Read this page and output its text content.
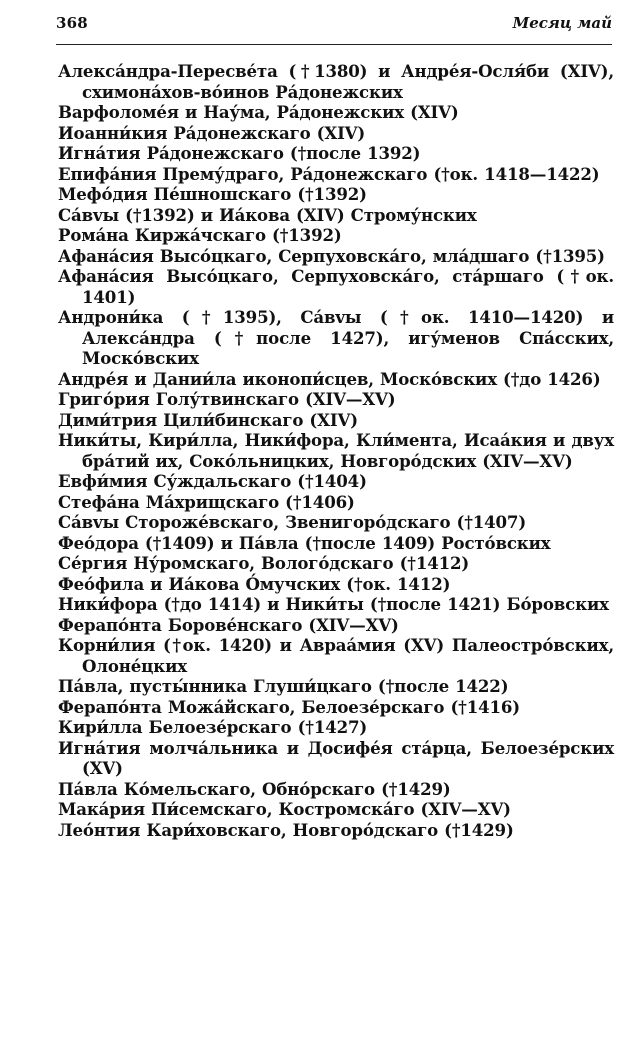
368	Месяц май
Алекса́ндра-Пересве́та (†1380) и Андре́я-Осля́би (XIV), схимона́хов-во́инов Ра́донежских
Варфоломе́я и Нау́ма, Ра́донежских (XIV)
Иоанни́кия Ра́донежскаго (XIV)
Игна́тия Ра́донежскаго (†после 1392)
Епифа́ния Прему́драго, Ра́донежскаго (†ок. 1418—1422)
Мефо́дия Пе́шношскаго (†1392)
Са́вvы (†1392) и Иа́кова (XIV) Строму́нских
Рома́на Киржа́чскаго (†1392)
Афана́сия Высо́цкаго, Серпуховска́го, мла́дшаго (†1395)
Афана́сия Высо́цкаго, Серпуховска́го, ста́ршаго (†ок. 1401)
Андрони́ка (†1395), Са́вvы (†ок. 1410—1420) и Алекса́ндра (†после 1427), игу́менов Спа́сских, Моско́вских
Андре́я и Дании́ла иконопи́сцев, Моско́вских (†до 1426)
Григо́рия Голу́твинскаго (XIV—XV)
Дими́трия Цили́бинскаго (XIV)
Ники́ты, Кири́лла, Ники́фора, Кли́мента, Исаа́кия и двух бра́тий их, Соко́льницких, Новгоро́дских (XIV—XV)
Евфи́мия Су́ждальскаго (†1404)
Стефа́на Ма́хрищскаго (†1406)
Са́вvы Стороже́вскаго, Звенигоро́дскаго (†1407)
Фео́дора (†1409) и Па́вла (†после 1409) Росто́вских
Се́ргия Ну́ромскаго, Волого́дскаго (†1412)
Фео́фила и Иа́кова О́мучских (†ок. 1412)
Ники́фора (†до 1414) и Ники́ты (†после 1421) Бо́ровских
Ферапо́нта Борове́нскаго (XIV—XV)
Корни́лия (†ок. 1420) и Авраа́мия (XV) Палеостро́вских, Олоне́цких
Па́вла, пусты́нника Глуши́цкаго (†после 1422)
Ферапо́нта Можа́йскаго, Белоезе́рскаго (†1416)
Кири́лла Белоезе́рскаго (†1427)
Игна́тия молча́льника и Досифе́я ста́рца, Белоезе́рских (XV)
Па́вла Ко́мельскаго, Обно́рскаго (†1429)
Мака́рия Пи́семскаго, Костромска́го (XIV—XV)
Лео́нтия Кари́ховскаго, Новгоро́дскаго (†1429)
